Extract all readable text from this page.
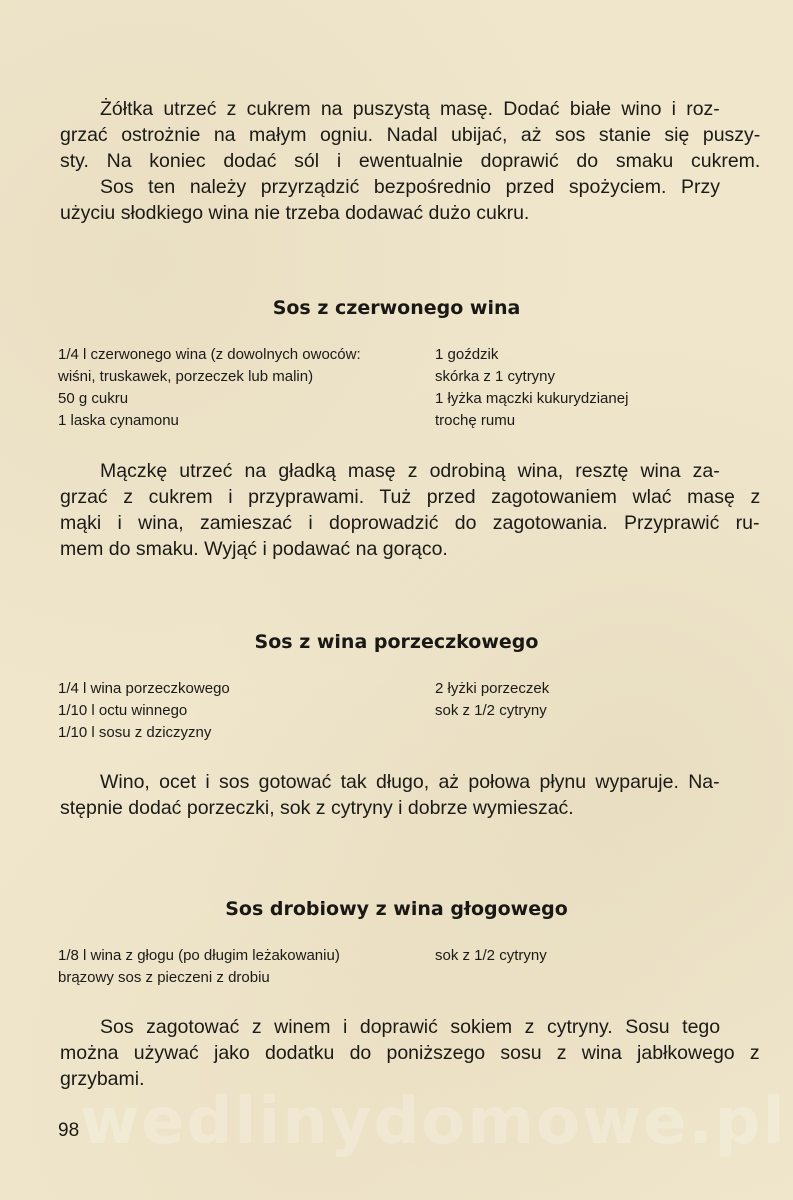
Żółtka utrzeć z cukrem na puszystą masę. Dodać białe wino i roz-
grzać ostrożnie na małym ogniu. Nadal ubijać, aż sos stanie się puszy-
sty. Na koniec dodać sól i ewentualnie doprawić do smaku cukrem.
Sos ten należy przyrządzić bezpośrednio przed spożyciem. Przy
użyciu słodkiego wina nie trzeba dodawać dużo cukru.
Sos z czerwonego wina
1/4 l czerwonego wina (z dowolnych owoców:
wiśni, truskawek, porzeczek lub malin)
50 g cukru
1 laska cynamonu
1 goździk
skórka z 1 cytryny
1 łyżka mączki kukurydzianej
trochę rumu
Mączkę utrzeć na gładką masę z odrobiną wina, resztę wina za-
grzać z cukrem i przyprawami. Tuż przed zagotowaniem wlać masę z
mąki i wina, zamieszać i doprowadzić do zagotowania. Przyprawić ru-
mem do smaku. Wyjąć i podawać na gorąco.
Sos z wina porzeczkowego
1/4 l wina porzeczkowego
1/10 l octu winnego
1/10 l sosu z dziczyzny
2 łyżki porzeczek
sok z 1/2 cytryny
Wino, ocet i sos gotować tak długo, aż połowa płynu wyparuje. Na-
stępnie dodać porzeczki, sok z cytryny i dobrze wymieszać.
Sos drobiowy z wina głogowego
1/8 l wina z głogu (po długim leżakowaniu)
brązowy sos z pieczeni z drobiu
sok z 1/2 cytryny
Sos zagotować z winem i doprawić sokiem z cytryny. Sosu tego
można używać jako dodatku do poniższego sosu z wina jabłkowego z
grzybami.
wedlinydomowe.pl

98
